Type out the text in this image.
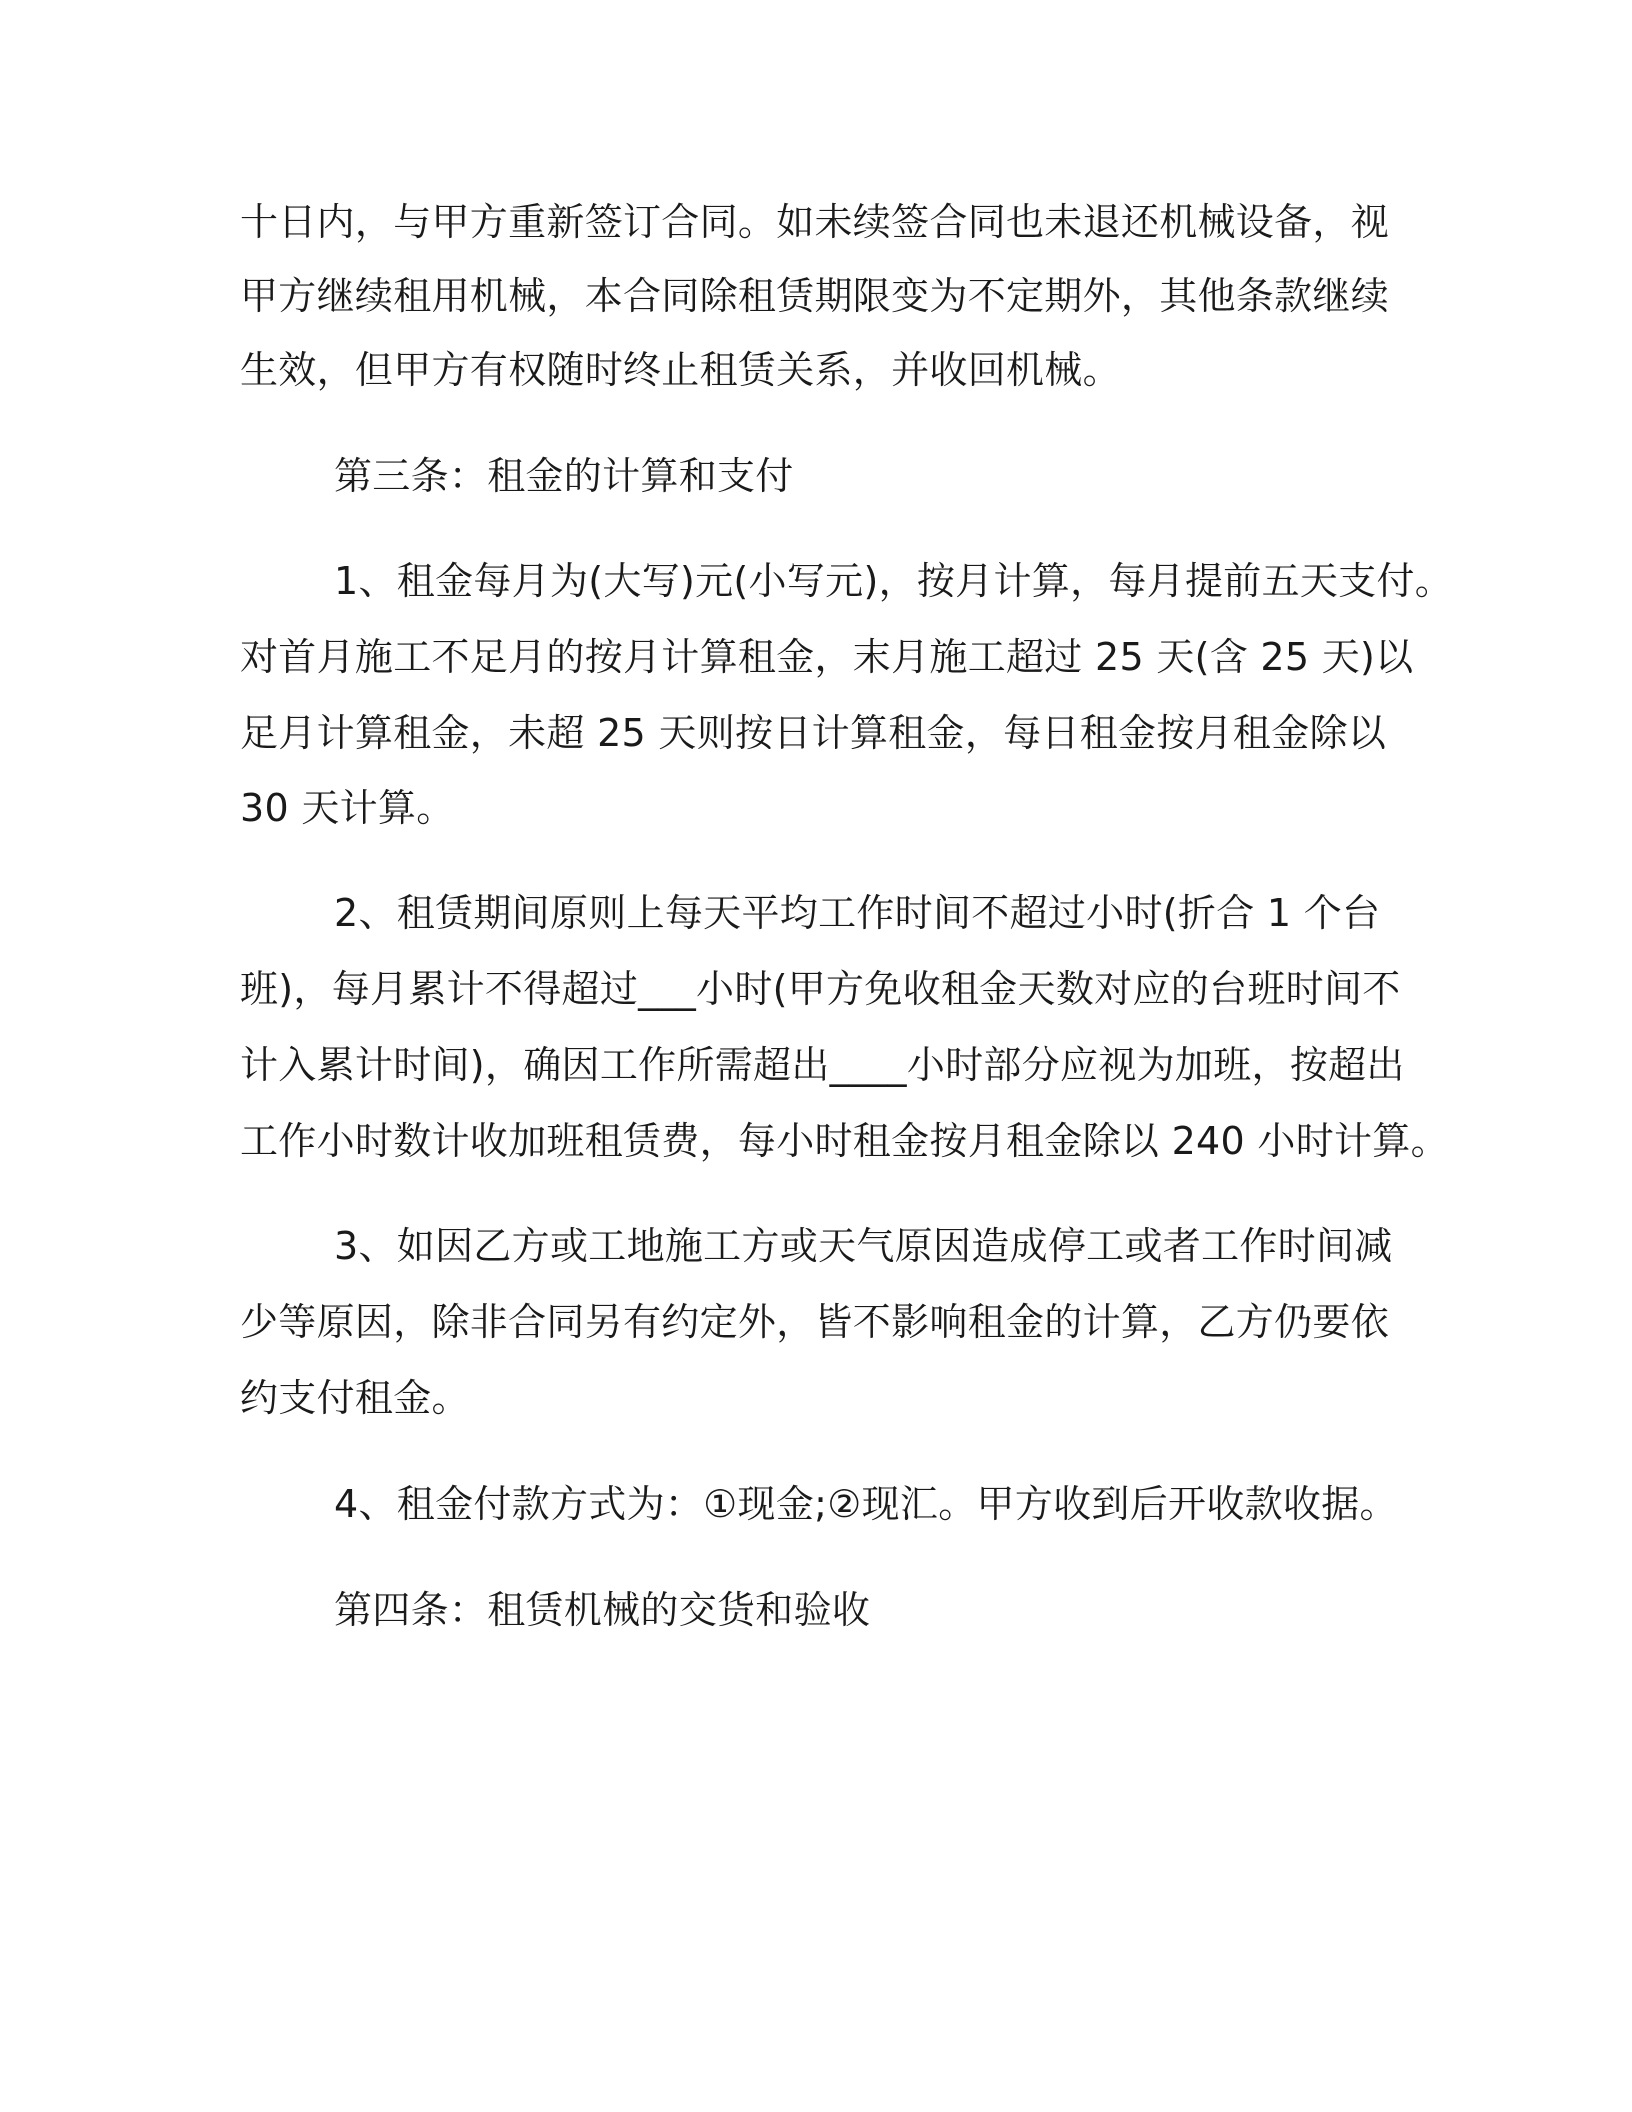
十日内，与甲方重新签订合同。如未续签合同也未退还机械设备，视

甲方继续租用机械，本合同除租赁期限变为不定期外，其他条款继续

生效，但甲方有权随时终止租赁关系，并收回机械。

第三条：租金的计算和支付

1、租金每月为(大写)元(小写元)，按月计算，每月提前五天支付。

对首月施工不足月的按月计算租金，末月施工超过 25 天(含 25 天)以

足月计算租金，未超 25 天则按日计算租金，每日租金按月租金除以

30 天计算。

2、租赁期间原则上每天平均工作时间不超过小时(折合 1 个台

班)，每月累计不得超过___小时(甲方免收租金天数对应的台班时间不

计入累计时间)，确因工作所需超出____小时部分应视为加班，按超出

工作小时数计收加班租赁费，每小时租金按月租金除以 240 小时计算。

3、如因乙方或工地施工方或天气原因造成停工或者工作时间减

少等原因，除非合同另有约定外，皆不影响租金的计算，乙方仍要依

约支付租金。

4、租金付款方式为：①现金;②现汇。甲方收到后开收款收据。

第四条：租赁机械的交货和验收
